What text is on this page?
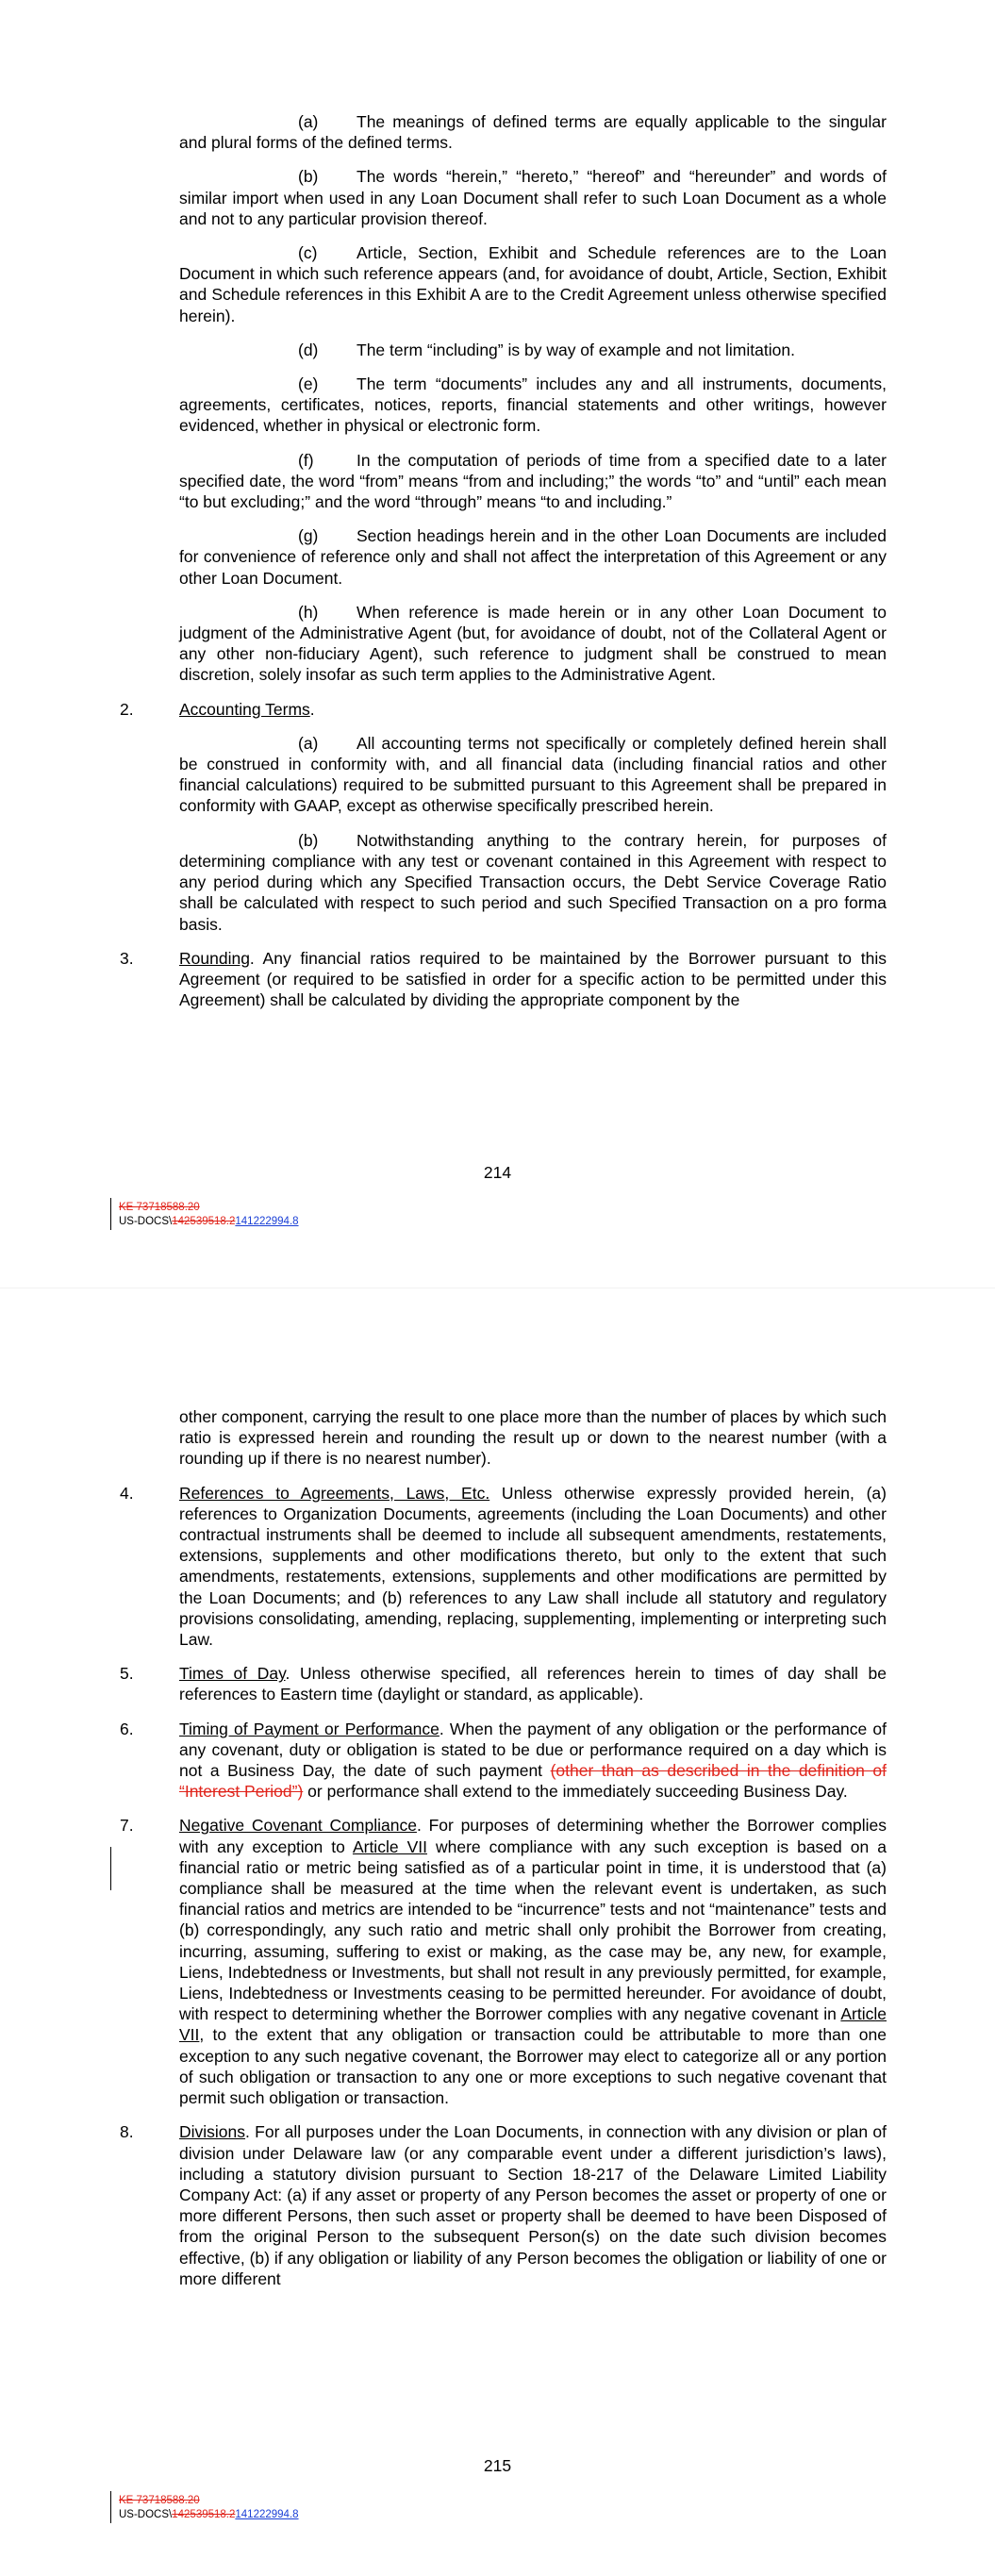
(a) The meanings of defined terms are equally applicable to the singular and plural forms of the defined terms.

(b) The words “herein,” “hereto,” “hereof” and “hereunder” and words of similar import when used in any Loan Document shall refer to such Loan Document as a whole and not to any particular provision thereof.

(c) Article, Section, Exhibit and Schedule references are to the Loan Document in which such reference appears (and, for avoidance of doubt, Article, Section, Exhibit and Schedule references in this Exhibit A are to the Credit Agreement unless otherwise specified herein).

(d) The term “including” is by way of example and not limitation.

(e) The term “documents” includes any and all instruments, documents, agreements, certificates, notices, reports, financial statements and other writings, however evidenced, whether in physical or electronic form.

(f)	In the computation of periods of time from a specified date to a later specified date, the word “from” means “from and including;” the words “to” and “until” each mean “to but excluding;” and the word “through” means “to and including.”

(g) Section headings herein and in the other Loan Documents are included for convenience of reference only and shall not affect the interpretation of this Agreement or any other Loan Document.

(h) When reference is made herein or in any other Loan Document to judgment of the Administrative Agent (but, for avoidance of doubt, not of the Collateral Agent or any other non-fiduciary Agent), such reference to judgment shall be construed to mean discretion, solely insofar as such term applies to the Administrative Agent.

2.	Accounting Terms.

(a) All accounting terms not specifically or completely defined herein shall be construed in conformity with, and all financial data (including financial ratios and other financial calculations) required to be submitted pursuant to this Agreement shall be prepared in conformity with GAAP, except as otherwise specifically prescribed herein.

(b) Notwithstanding anything to the contrary herein, for purposes of determining compliance with any test or covenant contained in this Agreement with respect to any period during which any Specified Transaction occurs, the Debt Service Coverage Ratio shall be calculated with respect to such period and such Specified Transaction on a pro forma basis.

3.	Rounding. Any financial ratios required to be maintained by the Borrower pursuant to this Agreement (or required to be satisfied in order for a specific action to be permitted under this Agreement) shall be calculated by dividing the appropriate component by the
214
KE 73718588.20
US-DOCS\142539518.2141222994.8

other component, carrying the result to one place more than the number of places by which such ratio is expressed herein and rounding the result up or down to the nearest number (with a rounding up if there is no nearest number).

4.	References to Agreements, Laws, Etc. Unless otherwise expressly provided herein, (a) references to Organization Documents, agreements (including the Loan Documents) and other contractual instruments shall be deemed to include all subsequent amendments, restatements, extensions, supplements and other modifications thereto, but only to the extent that such amendments, restatements, extensions, supplements and other modifications are permitted by the Loan Documents; and (b) references to any Law shall include all statutory and regulatory provisions consolidating, amending, replacing, supplementing, implementing or interpreting such Law.
5.	Times of Day. Unless otherwise specified, all references herein to times of day shall be references to Eastern time (daylight or standard, as applicable).
6.	Timing of Payment or Performance. When the payment of any obligation or the performance of any covenant, duty or obligation is stated to be due or performance required on a day which is not a Business Day, the date of such payment (other than as described in the definition of “Interest Period”) or performance shall extend to the immediately succeeding Business Day.
7.	Negative Covenant Compliance. For purposes of determining whether the Borrower complies with any exception to Article VII where compliance with any such exception is based on a financial ratio or metric being satisfied as of a particular point in time, it is understood that (a) compliance shall be measured at the time when the relevant event is undertaken, as such financial ratios and metrics are intended to be “incurrence” tests and not “maintenance” tests and (b) correspondingly, any such ratio and metric shall only prohibit the Borrower from creating, incurring, assuming, suffering to exist or making, as the case may be, any new, for example, Liens, Indebtedness or Investments, but shall not result in any previously permitted, for example, Liens, Indebtedness or Investments ceasing to be permitted hereunder. For avoidance of doubt, with respect to determining whether the Borrower complies with any negative covenant in Article VII, to the extent that any obligation or transaction could be attributable to more than one exception to any such negative covenant, the Borrower may elect to categorize all or any portion of such obligation or transaction to any one or more exceptions to such negative covenant that permit such obligation or transaction.
8.	Divisions. For all purposes under the Loan Documents, in connection with any division or plan of division under Delaware law (or any comparable event under a different jurisdiction’s laws), including a statutory division pursuant to Section 18-217 of the Delaware Limited Liability Company Act: (a) if any asset or property of any Person becomes the asset or property of one or more different Persons, then such asset or property shall be deemed to have been Disposed of from the original Person to the subsequent Person(s) on the date such division becomes effective, (b) if any obligation or liability of any Person becomes the obligation or liability of one or more different
215
KE 73718588.20
US-DOCS\142539518.2141222994.8
